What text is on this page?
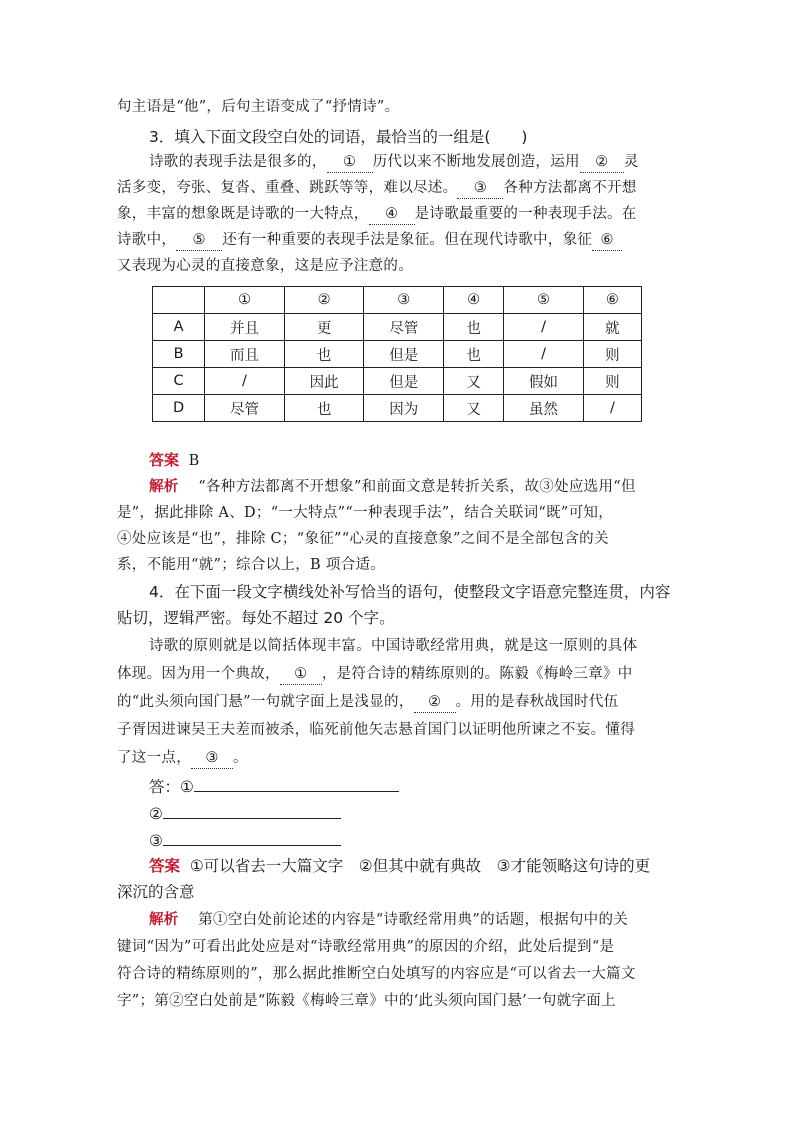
句主语是“他”，后句主语变成了“抒情诗”。
3．填入下面文段空白处的词语，最恰当的一组是(　　)
诗歌的表现手法是很多的， ① 历代以来不断地发展创造，运用 ② 灵
活多变，夸张、复沓、重叠、跳跃等等，难以尽述。 ③ 各种方法都离不开想
象，丰富的想象既是诗歌的一大特点， ④ 是诗歌最重要的一种表现手法。在
诗歌中， ⑤ 还有一种重要的表现手法是象征。但在现代诗歌中，象征 ⑥
又表现为心灵的直接意象，这是应予注意的。
	①	②	③	④	⑤	⑥
A	并且	更	尽管	也	/	就
B	而且	也	但是	也	/	则
C	/	因此	但是	又	假如	则
D	尽管	也	因为	又	虽然	/
答案 B
解析 “各种方法都离不开想象”和前面文意是转折关系，故③处应选用“但
是”，据此排除 A、D；“一大特点”“一种表现手法”，结合关联词“既”可知，
④处应该是“也”，排除 C；“象征”“心灵的直接意象”之间不是全部包含的关
系，不能用“就”；综合以上，B 项合适。
4．在下面一段文字横线处补写恰当的语句，使整段文字语意完整连贯，内容
贴切，逻辑严密。每处不超过 20 个字。
诗歌的原则就是以简括体现丰富。中国诗歌经常用典，就是这一原则的具体
体现。因为用一个典故， ① ，是符合诗的精练原则的。陈毅《梅岭三章》中
的“此头须向国门悬”一句就字面上是浅显的， ② 。用的是春秋战国时代伍
子胥因进谏吴王夫差而被杀，临死前他矢志悬首国门以证明他所谏之不妄。懂得
了这一点， ③ 。
答：①
②
③
答案 ①可以省去一大篇文字　②但其中就有典故　③才能领略这句诗的更
深沉的含意
解析 第①空白处前论述的内容是“诗歌经常用典”的话题，根据句中的关
键词“因为”可看出此处应是对“诗歌经常用典”的原因的介绍，此处后提到“是
符合诗的精练原则的”，那么据此推断空白处填写的内容应是“可以省去一大篇文
字”；第②空白处前是“陈毅《梅岭三章》中的‘此头须向国门悬’一句就字面上
